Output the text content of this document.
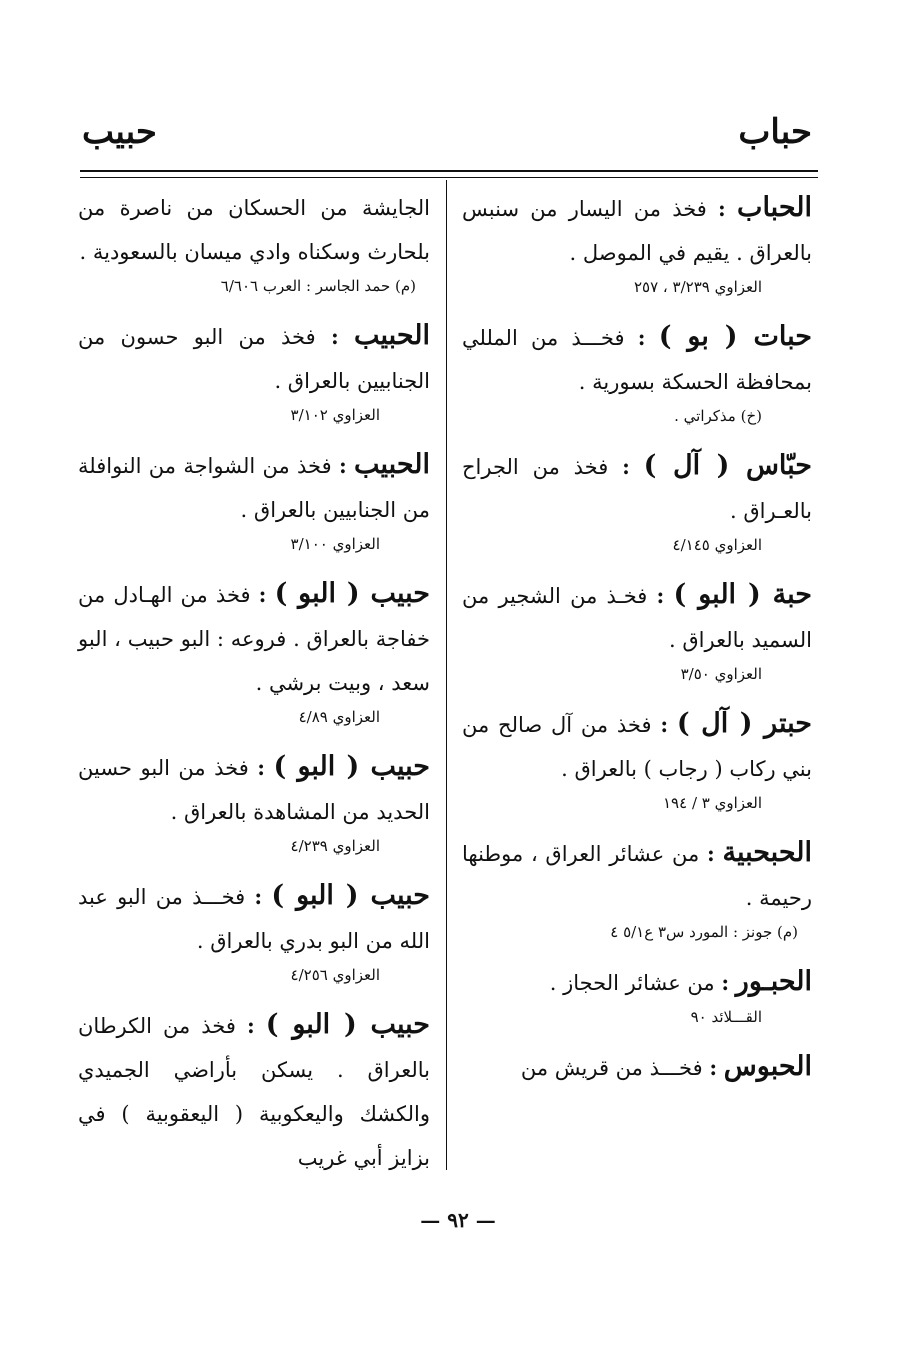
حباب
حبيب
الحباب : فخذ من اليسار من سنبس بالعراق . يقيم في الموصل .
العزاوي ٣/٢٣٩ ، ٢٥٧
حبات ( بو ) : فخـــذ من المللي بمحافظة الحسكة بسورية .
(خ) مذكراتي .
حبّاس ( آل ) : فخذ من الجراح بالعـراق .
العزاوي ٤/١٤٥
حبة ( البو ) : فخـذ من الشجير من السميد بالعراق .
العزاوي ٣/٥٠
حبتر ( آل ) : فخذ من آل صالح من بني ركاب ( رجاب ) بالعراق .
العزاوي ٣ / ١٩٤
الحبحبية : من عشائر العراق ، موطنها رحيمة .
(م) جونز : المورد س٣ ع٥/١ ٤
الحبـور : من عشائر الحجاز .
القـــلائد ٩٠
الحبوس : فخـــذ من قريش من
الجايشة من الحسكان من ناصرة من بلحارث وسكناه وادي ميسان بالسعودية .
(م) حمد الجاسر : العرب ٦/٦٠٦
الحبيب : فخذ من البو حسون من الجنابيين بالعراق .
العزاوي ٣/١٠٢
الحبيب : فخذ من الشواجة من النوافلة من الجنابيين بالعراق .
العزاوي ٣/١٠٠
حبيب ( البو ) : فخذ من الهـادل من خفاجة بالعراق . فروعه : البو حبيب ، البو سعد ، وبيت برشي .
العزاوي ٤/٨٩
حبيب ( البو ) : فخذ من البو حسين الحديد من المشاهدة بالعراق .
العزاوي ٤/٢٣٩
حبيب ( البو ) : فخـــذ من البو عبد الله من البو بدري بالعراق .
العزاوي ٤/٢٥٦
حبيب ( البو ) : فخذ من الكرطان بالعراق . يسكن بأراضي الجميدي والكشك واليعكوبية ( اليعقوبية ) في بزايز أبي غريب
— ٩٢ —
